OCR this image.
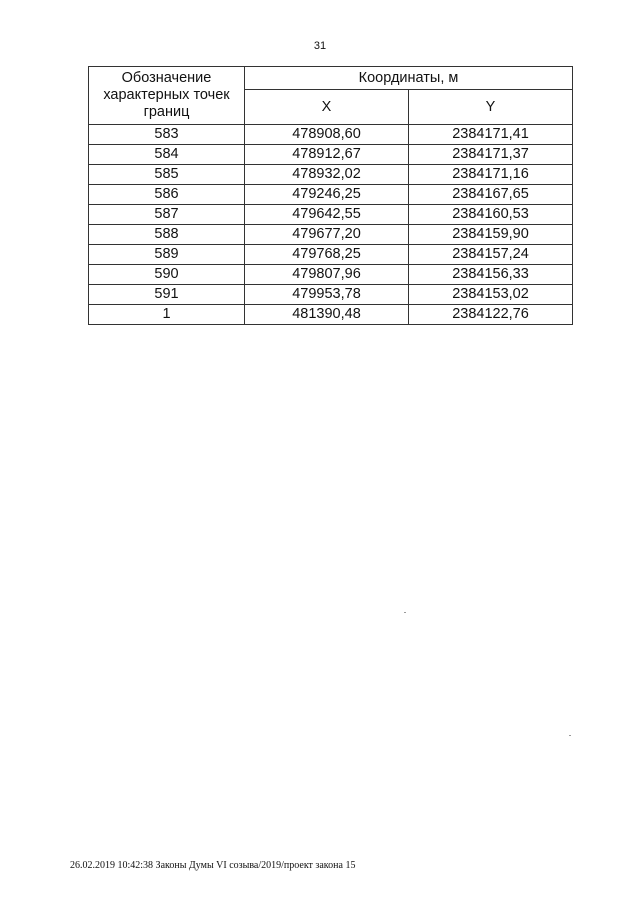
31
Обозначение характерных точек границ	Координаты, м	
	X	Y
583	478908,60	2384171,41
584	478912,67	2384171,37
585	478932,02	2384171,16
586	479246,25	2384167,65
587	479642,55	2384160,53
588	479677,20	2384159,90
589	479768,25	2384157,24
590	479807,96	2384156,33
591	479953,78	2384153,02
1	481390,48	2384122,76
26.02.2019 10:42:38 Законы Думы VI созыва/2019/проект закона 15
